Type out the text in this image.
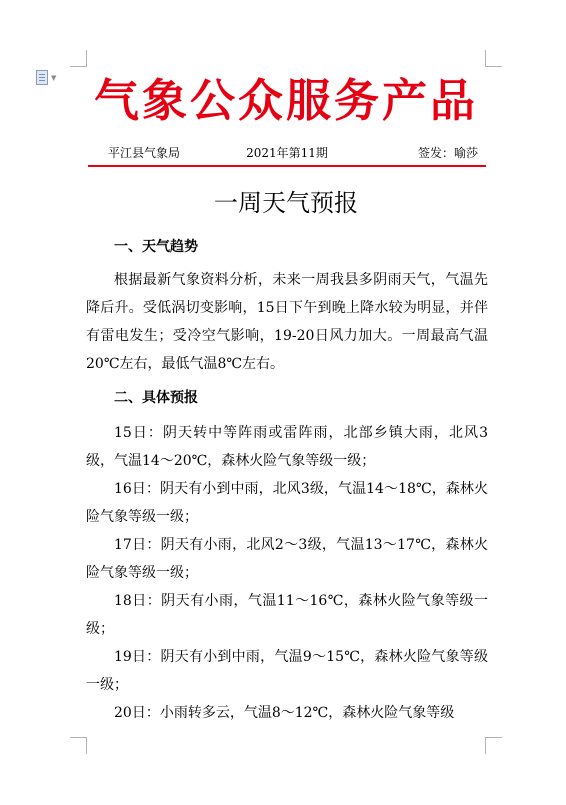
▼ 气象公众服务产品
平江县气象局	2021年第11期	签发：喻莎
一周天气预报
一、天气趋势

根据最新气象资料分析，未来一周我县多阴雨天气，气温先降后升。受低涡切变影响，15日下午到晚上降水较为明显，并伴有雷电发生；受冷空气影响，19-20日风力加大。一周最高气温20℃左右，最低气温8℃左右。

二、具体预报

15日：阴天转中等阵雨或雷阵雨，北部乡镇大雨，北风3级，气温14～20℃，森林火险气象等级一级；

16日：阴天有小到中雨，北风3级，气温14～18℃，森林火险气象等级一级；

17日：阴天有小雨，北风2～3级，气温13～17℃，森林火险气象等级一级；

18日：阴天有小雨，气温11～16℃，森林火险气象等级一级；

19日：阴天有小到中雨，气温9～15℃，森林火险气象等级一级；

20日：小雨转多云，气温8～12℃，森林火险气象等级
